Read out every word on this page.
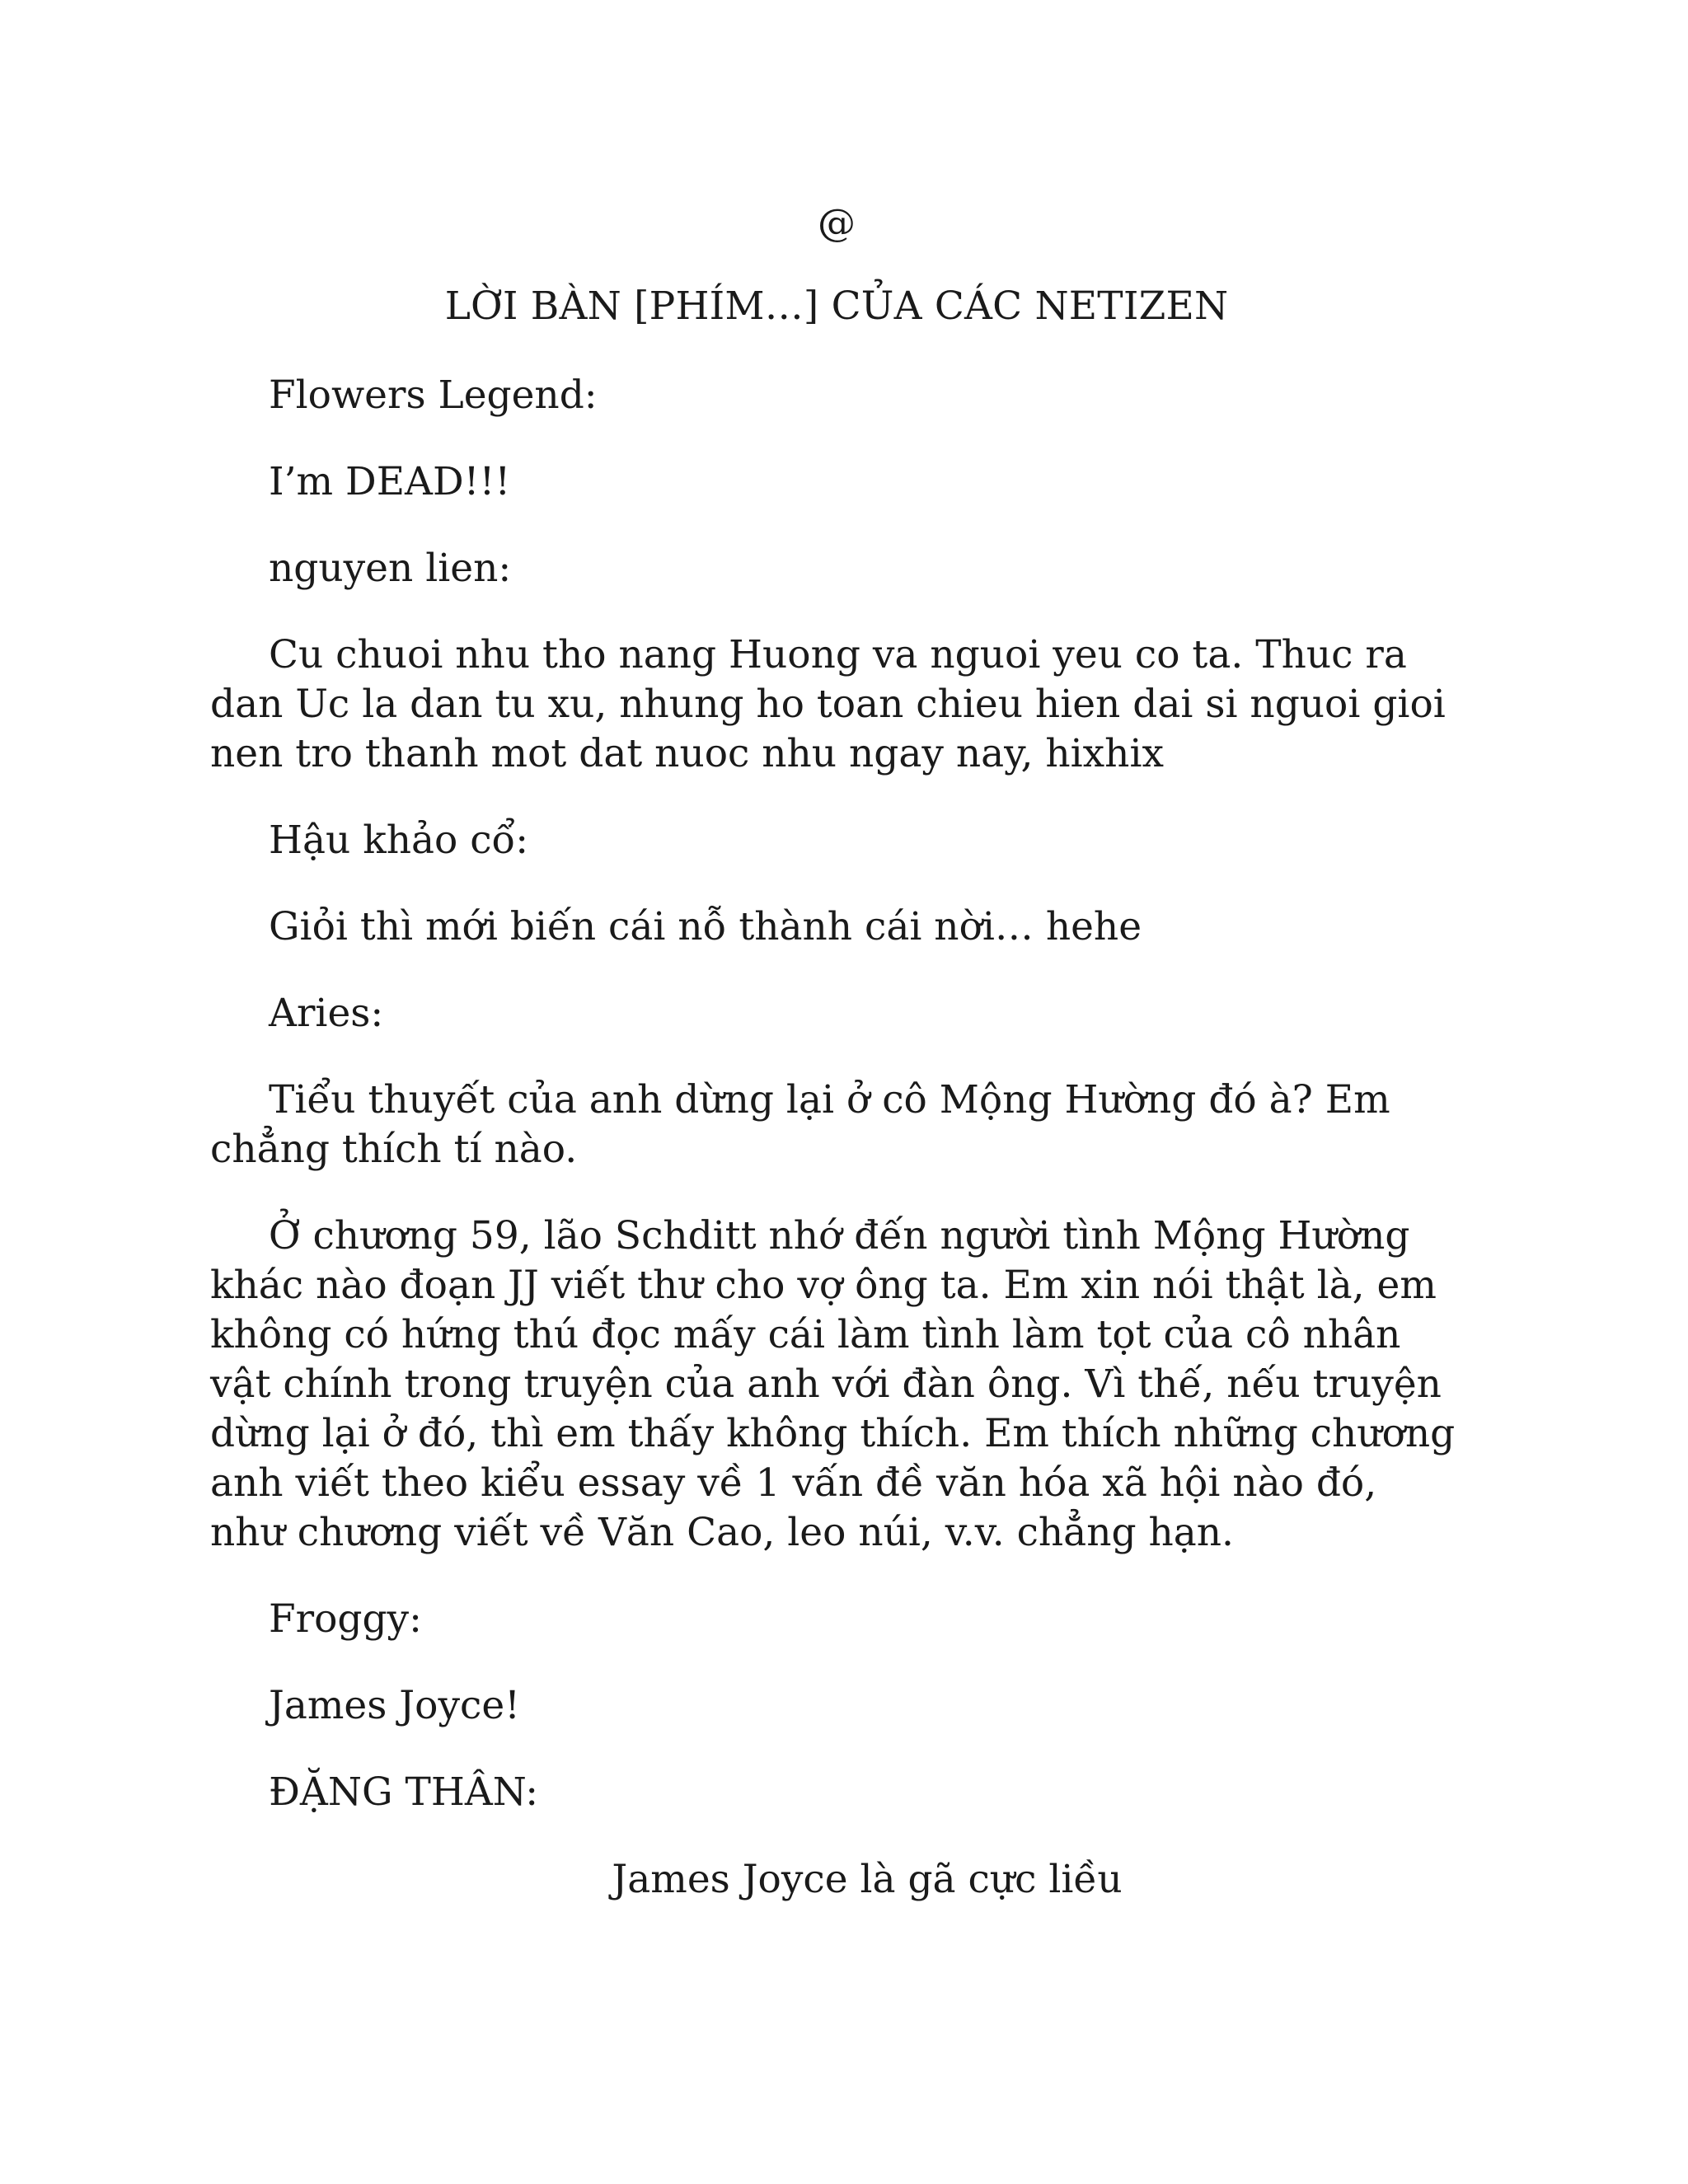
@

LỜI BÀN [PHÍM…] CỦA CÁC NETIZEN

Flowers Legend:

I’m DEAD!!!

nguyen lien:

Cu chuoi nhu tho nang Huong va nguoi yeu co ta. Thuc ra dan Uc la dan tu xu, nhung ho toan chieu hien dai si nguoi gioi nen tro thanh mot dat nuoc nhu ngay nay, hixhix

Hậu khảo cổ:

Giỏi thì mới biến cái nỗ thành cái nời… hehe

Aries:

Tiểu thuyết của anh dừng lại ở cô Mộng Hường đó à? Em chẳng thích tí nào.

Ở chương 59, lão Schditt nhớ đến người tình Mộng Hường khác nào đoạn JJ viết thư cho vợ ông ta. Em xin nói thật là, em không có hứng thú đọc mấy cái làm tình làm tọt của cô nhân vật chính trong truyện của anh với đàn ông. Vì thế, nếu truyện dừng lại ở đó, thì em thấy không thích. Em thích những chương anh viết theo kiểu essay về 1 vấn đề văn hóa xã hội nào đó, như chương viết về Văn Cao, leo núi, v.v. chẳng hạn.

Froggy:

James Joyce!

ĐẶNG THÂN:

James Joyce là gã cực liều
